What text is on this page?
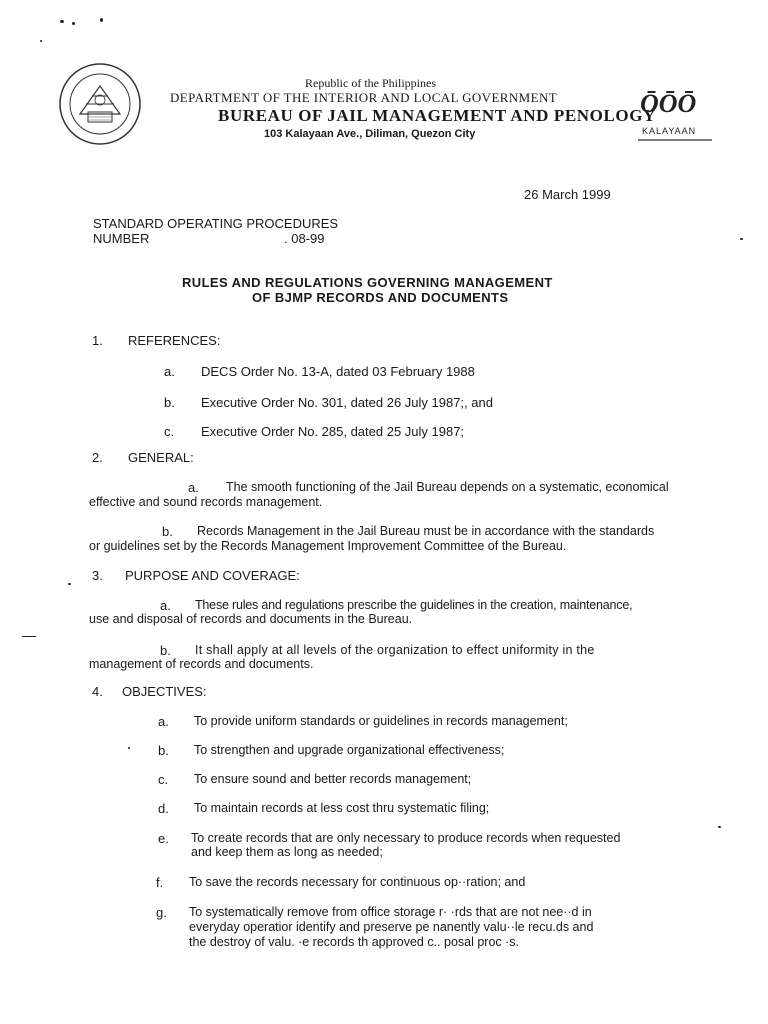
Republic of the Philippines
DEPARTMENT OF THE INTERIOR AND LOCAL GOVERNMENT
BUREAU OF JAIL MANAGEMENT AND PENOLOGY
103 Kalayaan Ave., Diliman, Quezon City
ŌŌŌ
KALAYAAN
26 March 1999
STANDARD OPERATING PROCEDURES
NUMBER	. 08-99
RULES AND REGULATIONS GOVERNING MANAGEMENT
OF BJMP RECORDS AND DOCUMENTS
1. REFERENCES:
a. DECS Order No. 13-A, dated 03 February 1988
b. Executive Order No. 301, dated 26 July 1987;, and
c. Executive Order No. 285, dated 25 July 1987;
2. GENERAL:
a. The smooth functioning of the Jail Bureau depends on a systematic, economical
effective and sound records management.
b. Records Management in the Jail Bureau must be in accordance with the standards
or guidelines set by the Records Management Improvement Committee of the Bureau.
3. PURPOSE AND COVERAGE:
a. These rules and regulations prescribe the guidelines in the creation, maintenance,
use and disposal of records and documents in the Bureau.
b. It shall apply at all levels of the organization to effect uniformity in the
management of records and documents.
4. OBJECTIVES:
a. To provide uniform standards or guidelines in records management;
b. To strengthen and upgrade organizational effectiveness;
c. To ensure sound and better records management;
d. To maintain records at less cost thru systematic filing;
e. To create records that are only necessary to produce records when requested
and keep them as long as needed;
f. To save the records necessary for continuous op··ration; and
g. To systematically remove from office storage r· ·rds that are not nee··d in
everyday operatior identify and preserve pe nanently valu··le recu.ds and
the destroy of valu. ·e records th approved c.. posal proc ·s.
